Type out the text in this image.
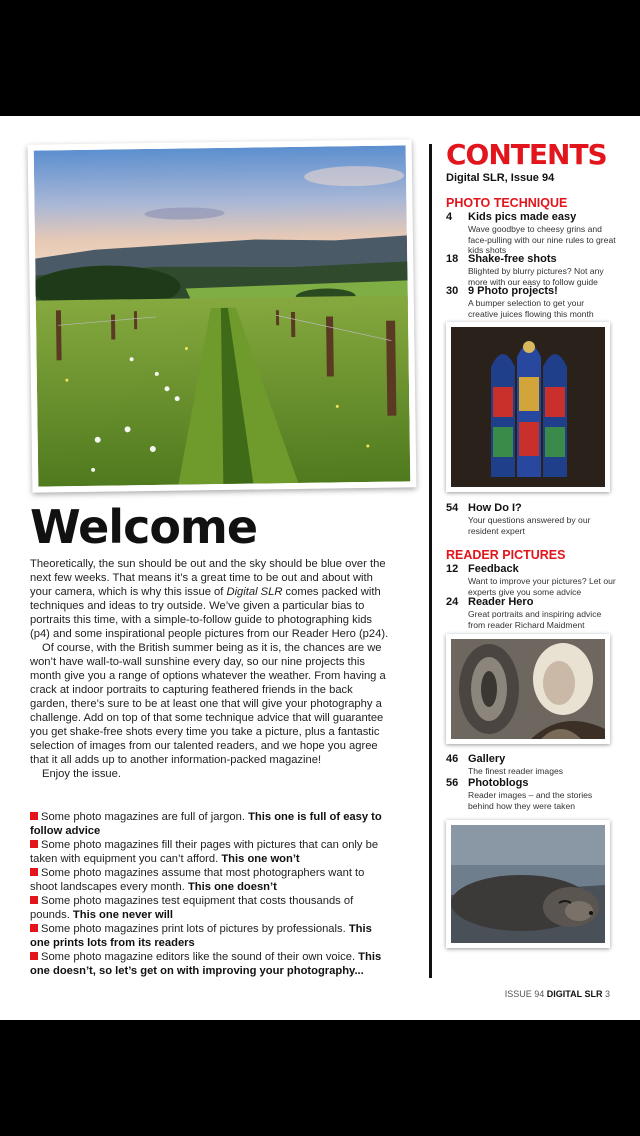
Welcome

Theoretically, the sun should be out and the sky should be blue over the next few weeks. That means it’s a great time to be out and about with your camera, which is why this issue of Digital SLR comes packed with techniques and ideas to try outside. We’ve given a particular bias to portraits this time, with a simple-to-follow guide to photographing kids (p4) and some inspirational people pictures from our Reader Hero (p24).

Of course, with the British summer being as it is, the chances are we won’t have wall-to-wall sunshine every day, so our nine projects this month give you a range of options whatever the weather. From having a crack at indoor portraits to capturing feathered friends in the back garden, there’s sure to be at least one that will give your photography a challenge. Add on top of that some technique advice that will guarantee you get shake-free shots every time you take a picture, plus a fantastic selection of images from our talented readers, and we hope you agree that it all adds up to another information-packed magazine!

Enjoy the issue.

Some photo magazines are full of jargon. This one is full of easy to follow advice

Some photo magazines fill their pages with pictures that can only be taken with equipment you can’t afford. This one won’t

Some photo magazines assume that most photographers want to shoot landscapes every month. This one doesn’t

Some photo magazines test equipment that costs thousands of pounds. This one never will

Some photo magazines print lots of pictures by professionals. This one prints lots from its readers

Some photo magazine editors like the sound of their own voice. This one doesn’t, so let’s get on with improving your photography...

CONTENTS
Digital SLR, Issue 94
PHOTO TECHNIQUE
4	Kids pics made easy
Wave goodbye to cheesy grins and face-pulling with our nine rules to great kids shots
18 Shake-free shots
Blighted by blurry pictures? Not any more with our easy to follow guide
30 9 Photo projects!
A bumper selection to get your creative juices flowing this month
54 How Do I?
Your questions answered by our resident expert
READER PICTURES
12 Feedback
Want to improve your pictures? Let our experts give you some advice
24 Reader Hero
Great portraits and inspiring advice from reader Richard Maidment
46 Gallery
The finest reader images
56 Photoblogs
Reader images – and the stories behind how they were taken
ISSUE 94 DIGITAL SLR 3
